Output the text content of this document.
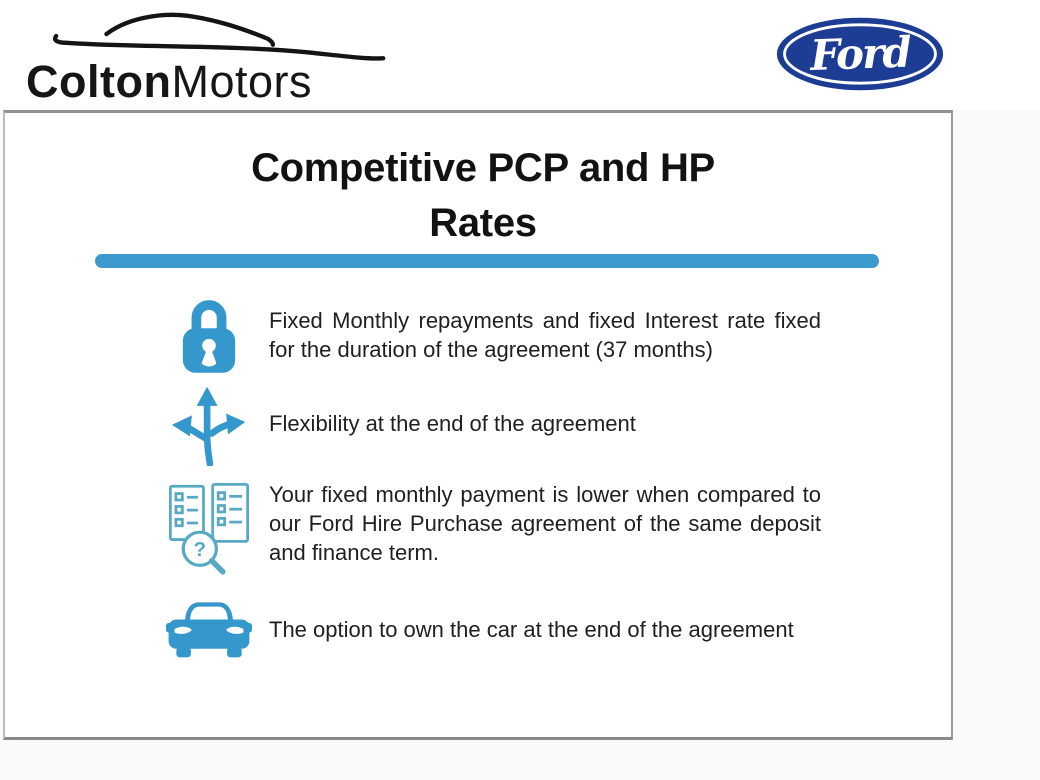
ColtonMotors
Ford
Competitive PCP and HP
Rates
Fixed Monthly repayments and fixed Interest rate fixed for the duration of the agreement (37 months)
Flexibility at the end of the agreement
?
Your fixed monthly payment is lower when compared to our Ford Hire Purchase agreement of the same deposit and finance term.
The option to own the car at the end of the agreement
